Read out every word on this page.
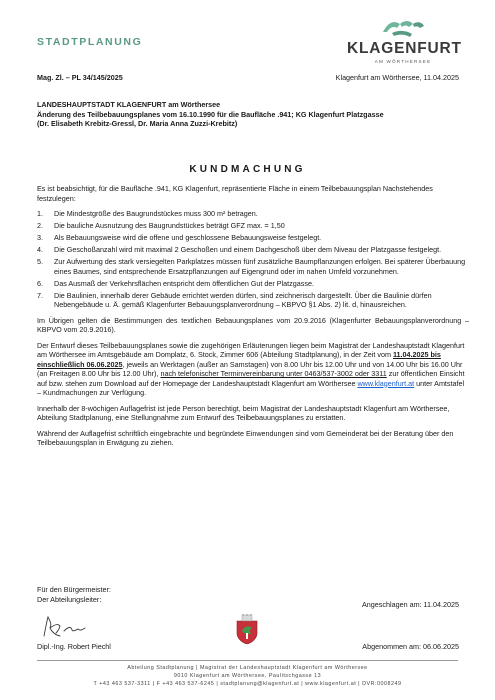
STADTPLANUNG	KLAGENFURT
AM WÖRTHERSEE
Mag. Zl. – PL 34/145/2025	Klagenfurt am Wörthersee, 11.04.2025
LANDESHAUPTSTADT KLAGENFURT am Wörthersee
Änderung des Teilbebauungsplanes vom 16.10.1990 für die Baufläche .941; KG Klagenfurt Platzgasse
(Dr. Elisabeth Krebitz-Gressl, Dr. Maria Anna Zuzzi-Krebitz)
KUNDMACHUNG

Es ist beabsichtigt, für die Baufläche .941, KG Klagenfurt, repräsentierte Fläche in einem Teilbebauungsplan Nachstehendes festzulegen:

1.	Die Mindestgröße des Baugrundstückes muss 300 m² betragen.
2.	Die bauliche Ausnutzung des Baugrundstückes beträgt GFZ max. = 1,50
3.	Als Bebauungsweise wird die offene und geschlossene Bebauungsweise festgelegt.
4.	Die Geschoßanzahl wird mit maximal 2 Geschoßen und einem Dachgeschoß über dem Niveau der Platzgasse festgelegt.
5.	Zur Aufwertung des stark versiegelten Parkplatzes müssen fünf zusätzliche Baumpflanzungen erfolgen. Bei späterer Überbauung eines Baumes, sind entsprechende Ersatzpflanzungen auf Eigengrund oder im nahen Umfeld vorzunehmen.
6.	Das Ausmaß der Verkehrsflächen entspricht dem öffentlichen Gut der Platzgasse.
7.	Die Baulinien, innerhalb derer Gebäude errichtet werden dürfen, sind zeichnerisch dargestellt. Über die Baulinie dürfen Nebengebäude u. Ä. gemäß Klagenfurter Bebauungsplanverordnung – KBPVO §1 Abs. 2) lit. d, hinausreichen.

Im Übrigen gelten die Bestimmungen des textlichen Bebauungsplanes vom 20.9.2016 (Klagenfurter Bebauungsplanverordnung – KBPVO vom 20.9.2016).

Der Entwurf dieses Teilbebauungsplanes sowie die zugehörigen Erläuterungen liegen beim Magistrat der Landeshauptstadt Klagenfurt am Wörthersee im Amtsgebäude am Domplatz, 6. Stock, Zimmer 606 (Abteilung Stadtplanung), in der Zeit vom 11.04.2025 bis einschließlich 06.06.2025, jeweils an Werktagen (außer an Samstagen) von 8.00 Uhr bis 12.00 Uhr und von 14.00 Uhr bis 16.00 Uhr (an Freitagen 8.00 Uhr bis 12.00 Uhr), nach telefonischer Terminvereinbarung unter 0463/537-3002 oder 3311 zur öffentlichen Einsicht auf bzw. stehen zum Download auf der Homepage der Landeshauptstadt Klagenfurt am Wörthersee www.klagenfurt.at unter Amtstafel – Kundmachungen zur Verfügung.

Innerhalb der 8-wöchigen Auflagefrist ist jede Person berechtigt, beim Magistrat der Landeshauptstadt Klagenfurt am Wörthersee, Abteilung Stadtplanung, eine Stellungnahme zum Entwurf des Teilbebauungsplanes zu erstatten.

Während der Auflagefrist schriftlich eingebrachte und begründete Einwendungen sind vom Gemeinderat bei der Beratung über den Teilbebauungsplan in Erwägung zu ziehen.

Für den Bürgermeister:
Der Abteilungsleiter:
Angeschlagen am: 11.04.2025
Dipl.-Ing. Robert Piechl	Abgenommen am: 06.06.2025
Abteilung Stadtplanung | Magistrat der Landeshauptstadt Klagenfurt am Wörthersee
9010 Klagenfurt am Wörthersee, Paulitschgasse 13
T +43 463 537-3311 | F +43 463 537-6245 | stadtplanung@klagenfurt.at | www.klagenfurt.at | DVR:0008249
